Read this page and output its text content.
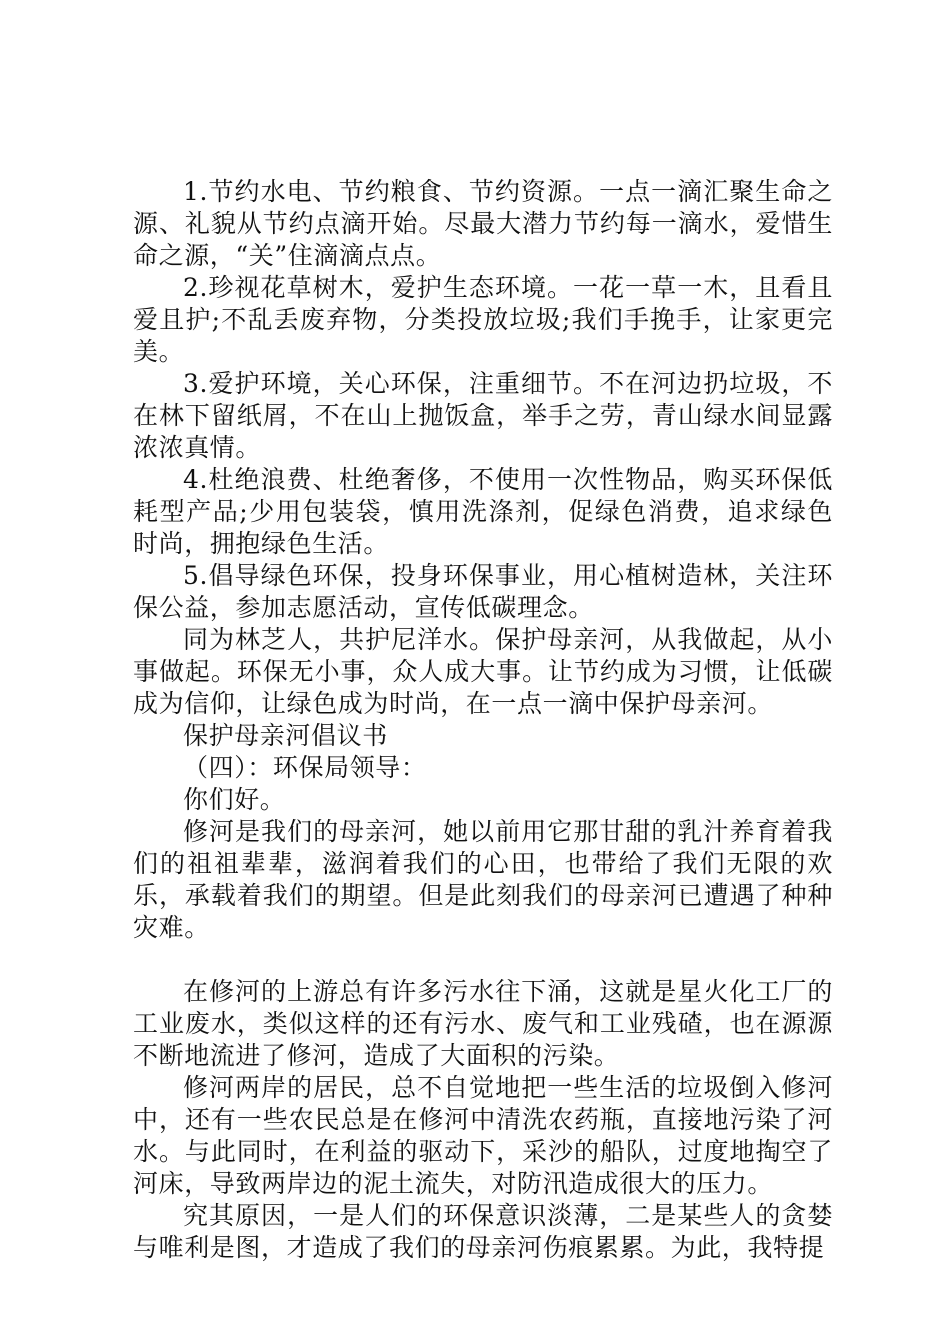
1.节约水电、节约粮食、节约资源。一点一滴汇聚生命之源、礼貌从节约点滴开始。尽最大潜力节约每一滴水，爱惜生命之源，“关”住滴滴点点。

2.珍视花草树木，爱护生态环境。一花一草一木，且看且爱且护;不乱丢废弃物，分类投放垃圾;我们手挽手，让家更完美。

3.爱护环境，关心环保，注重细节。不在河边扔垃圾，不在林下留纸屑，不在山上抛饭盒，举手之劳，青山绿水间显露浓浓真情。

4.杜绝浪费、杜绝奢侈，不使用一次性物品，购买环保低耗型产品;少用包装袋，慎用洗涤剂，促绿色消费，追求绿色时尚，拥抱绿色生活。

5.倡导绿色环保，投身环保事业，用心植树造林，关注环保公益，参加志愿活动，宣传低碳理念。

同为林芝人，共护尼洋水。保护母亲河，从我做起，从小事做起。环保无小事，众人成大事。让节约成为习惯，让低碳成为信仰，让绿色成为时尚，在一点一滴中保护母亲河。

保护母亲河倡议书

（四）：环保局领导：

你们好。

修河是我们的母亲河，她以前用它那甘甜的乳汁养育着我们的祖祖辈辈，滋润着我们的心田，也带给了我们无限的欢乐，承载着我们的期望。但是此刻我们的母亲河已遭遇了种种灾难。

在修河的上游总有许多污水往下涌，这就是星火化工厂的工业废水，类似这样的还有污水、废气和工业残碴，也在源源不断地流进了修河，造成了大面积的污染。

修河两岸的居民，总不自觉地把一些生活的垃圾倒入修河中，还有一些农民总是在修河中清洗农药瓶，直接地污染了河水。与此同时，在利益的驱动下，采沙的船队，过度地掏空了河床，导致两岸边的泥土流失，对防汛造成很大的压力。

究其原因，一是人们的环保意识淡薄，二是某些人的贪婪与唯利是图，才造成了我们的母亲河伤痕累累。为此，我特提
